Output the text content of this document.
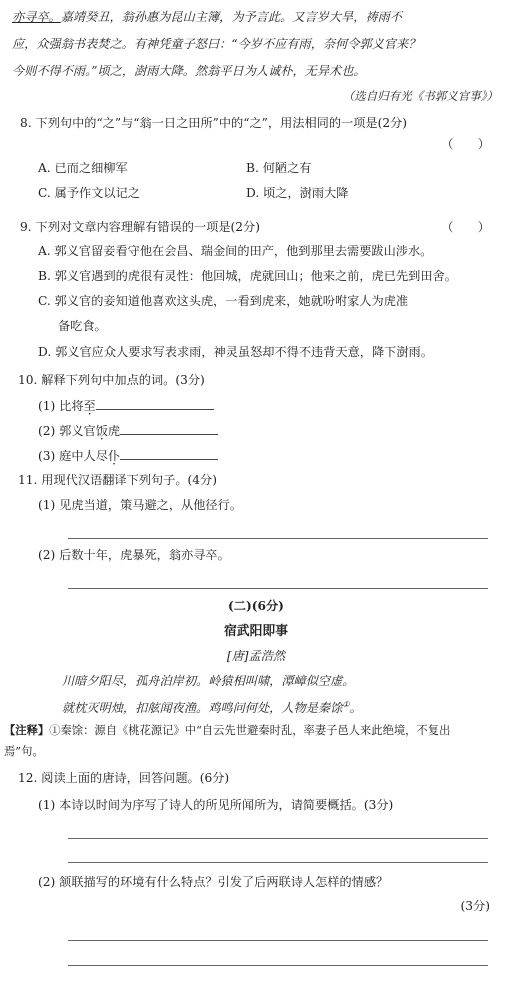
亦寻卒。嘉靖癸丑，翁孙惠为昆山主簿，为予言此。又言岁大旱，祷雨不
应，众强翁书表焚之。有神凭童子怒曰：“今岁不应有雨，奈何令郭义官来？
今则不得不雨。”顷之，澍雨大降。然翁平日为人诚朴，无异术也。
（选自归有光《书郭义官事》）
8. 下列句中的“之”与“翁一日之田所”中的“之”，用法相同的一项是(2分)
（　　）
A. 已而之细柳军	B. 何陋之有
C. 属予作文以记之	D. 顷之，澍雨大降
9. 下列对文章内容理解有错误的一项是(2分)	（　　）
A. 郭义官留妾看守他在会昌、瑞金间的田产，他到那里去需要跋山涉水。
B. 郭义官遇到的虎很有灵性：他回城，虎就回山；他来之前，虎已先到田舍。
C. 郭义官的妾知道他喜欢这头虎，一看到虎来，她就吩咐家人为虎准
备吃食。
D. 郭义官应众人要求写表求雨，神灵虽怒却不得不违背天意，降下澍雨。
10. 解释下列句中加点的词。(3分)
(1) 比将至
(2) 郭义官饭虎
(3) 庭中人尽仆
11. 用现代汉语翻译下列句子。(4分)
(1) 见虎当道，策马避之，从他径行。
(2) 后数十年，虎暴死，翁亦寻卒。
(二)(6分)
宿武阳即事
[唐]孟浩然
川暗夕阳尽，孤舟泊岸初。岭猿相叫啸，潭嶂似空虚。
就枕灭明烛，扣舷闻夜渔。鸡鸣问何处，人物是秦馀①。
【注释】①秦馀：源自《桃花源记》中“自云先世避秦时乱，率妻子邑人来此绝境，不复出
焉”句。
12. 阅读上面的唐诗，回答问题。(6分)
(1) 本诗以时间为序写了诗人的所见所闻所为，请简要概括。(3分)
(2) 颔联描写的环境有什么特点？引发了后两联诗人怎样的情感？
(3分)
